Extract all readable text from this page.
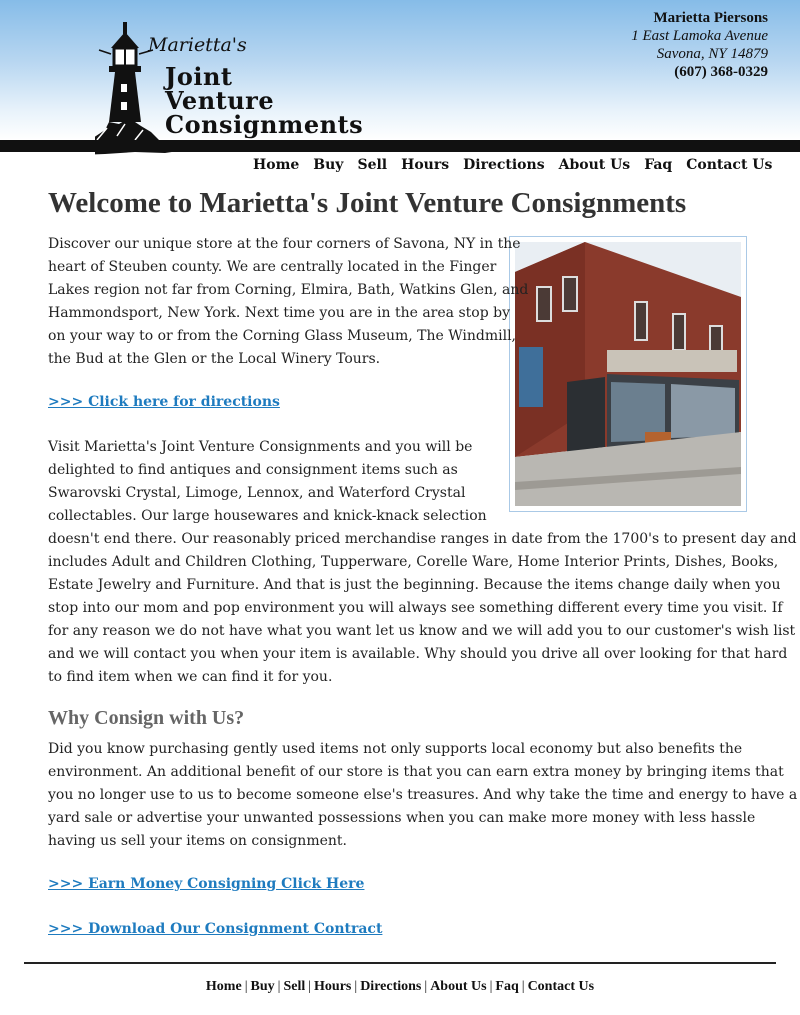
Marietta's
Joint
Venture
Consignments
Marietta Piersons
1 East Lamoka Avenue
Savona, NY 14879
(607) 368-0329
Home Buy Sell Hours Directions About Us Faq Contact Us
Welcome to Marietta's Joint Venture Consignments

Discover our unique store at the four corners of Savona, NY in the

heart of Steuben county. We are centrally located in the Finger

Lakes region not far from Corning, Elmira, Bath, Watkins Glen, and

Hammondsport, New York. Next time you are in the area stop by

on your way to or from the Corning Glass Museum, The Windmill,

the Bud at the Glen or the Local Winery Tours.

>>> Click here for directions

Visit Marietta's Joint Venture Consignments and you will be

delighted to find antiques and consignment items such as

Swarovski Crystal, Limoge, Lennox, and Waterford Crystal

collectables. Our large housewares and knick-knack selection

doesn't end there. Our reasonably priced merchandise ranges in date from the 1700's to present day and

includes Adult and Children Clothing, Tupperware, Corelle Ware, Home Interior Prints, Dishes, Books,

Estate Jewelry and Furniture. And that is just the beginning. Because the items change daily when you

stop into our mom and pop environment you will always see something different every time you visit. If

for any reason we do not have what you want let us know and we will add you to our customer's wish list

and we will contact you when your item is available. Why should you drive all over looking for that hard

to find item when we can find it for you.

Why Consign with Us?

Did you know purchasing gently used items not only supports local economy but also benefits the

environment. An additional benefit of our store is that you can earn extra money by bringing items that

you no longer use to us to become someone else's treasures. And why take the time and energy to have a

yard sale or advertise your unwanted possessions when you can make more money with less hassle

having us sell your items on consignment.

>>> Earn Money Consigning Click Here
>>> Download Our Consignment Contract
Home | Buy | Sell | Hours | Directions | About Us | Faq | Contact Us
